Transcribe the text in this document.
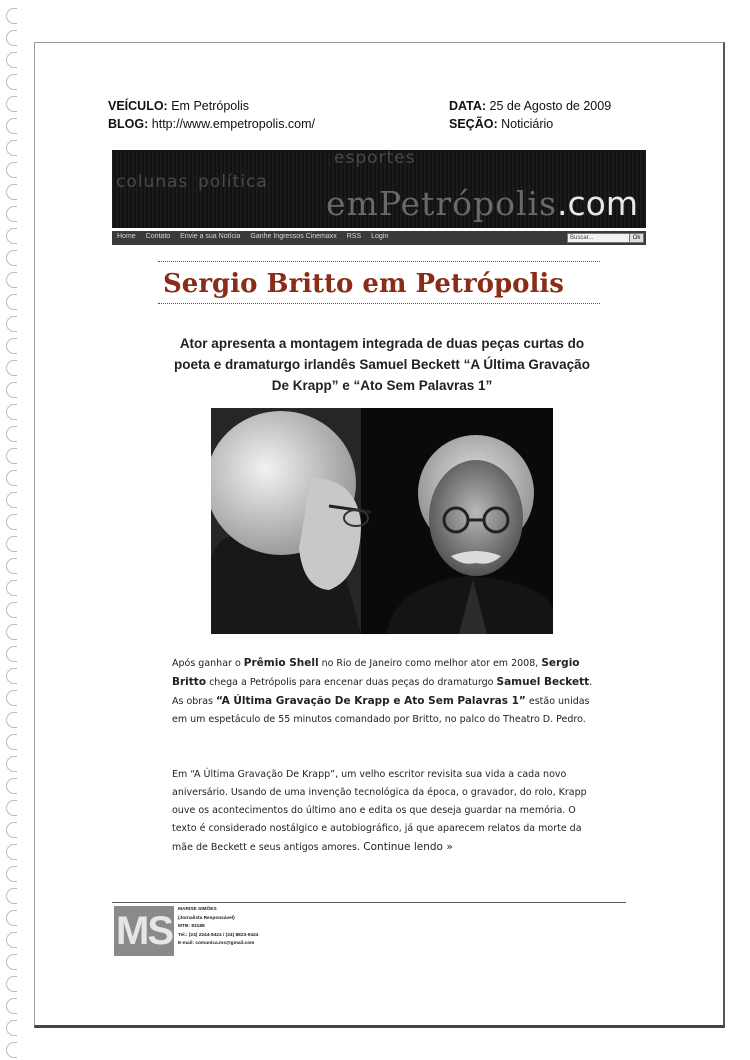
VEÍCULO: Em Petrópolis
BLOG: http://www.empetropolis.com/
DATA: 25 de Agosto de 2009
SEÇÃO: Noticiário
esportes
colunas política
emPetrópolis.com
Home Contato Envie a sua Notícia Ganhe Ingressos Cinemaxx RSS Login	Buscar...	Ok
Sergio Britto em Petrópolis
Ator apresenta a montagem integrada de duas peças curtas do poeta e dramaturgo irlandês Samuel Beckett “A Última Gravação De Krapp” e “Ato Sem Palavras 1”
Após ganhar o Prêmio Shell no Rio de Janeiro como melhor ator em 2008, Sergio Britto chega a Petrópolis para encenar duas peças do dramaturgo Samuel Beckett. As obras “A Última Gravação De Krapp e Ato Sem Palavras 1” estão unidas em um espetáculo de 55 minutos comandado por Britto, no palco do Theatro D. Pedro.
Em “A Última Gravação De Krapp”, um velho escritor revisita sua vida a cada novo aniversário. Usando de uma invenção tecnológica da época, o gravador, do rolo, Krapp ouve os acontecimentos do último ano e edita os que deseja guardar na memória. O texto é considerado nostálgico e autobiográfico, já que aparecem relatos da morte da mãe de Beckett e seus antigos amores. Continue lendo »
MS	MARISE SIMÕES
(Jornalista Responsável)
MTB: 93188
Tel.: (24) 2244-9424 / (24) 8823-9424
E-mail: comunica.ms@gmail.com
